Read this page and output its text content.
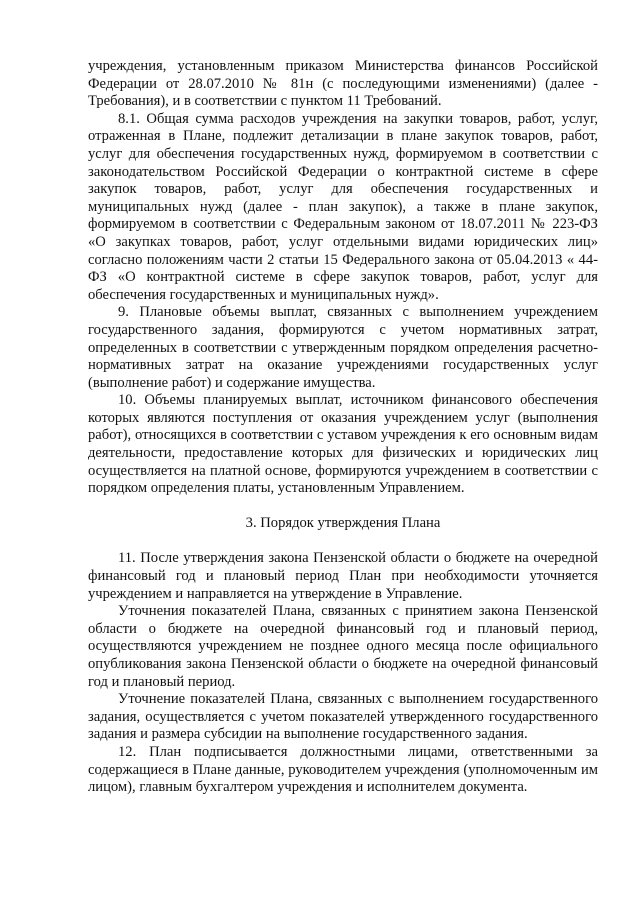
учреждения, установленным приказом Министерства финансов Российской Федерации от 28.07.2010 № 81н (с последующими изменениями) (далее - Требования), и в соответствии с пунктом 11 Требований.

8.1. Общая сумма расходов учреждения на закупки товаров, работ, услуг, отраженная в Плане, подлежит детализации в плане закупок товаров, работ, услуг для обеспечения государственных нужд, формируемом в соответствии с законодательством Российской Федерации о контрактной системе в сфере закупок товаров, работ, услуг для обеспечения государственных и муниципальных нужд (далее - план закупок), а также в плане закупок, формируемом в соответствии с Федеральным законом от 18.07.2011 № 223-ФЗ «О закупках товаров, работ, услуг отдельными видами юридических лиц» согласно положениям части 2 статьи 15 Федерального закона от 05.04.2013 « 44-ФЗ «О контрактной системе в сфере закупок товаров, работ, услуг для обеспечения государственных и муниципальных нужд».

9. Плановые объемы выплат, связанных с выполнением учреждением государственного задания, формируются с учетом нормативных затрат, определенных в соответствии с утвержденным порядком определения расчетно-нормативных затрат на оказание учреждениями государственных услуг (выполнение работ) и содержание имущества.

10. Объемы планируемых выплат, источником финансового обеспечения которых являются поступления от оказания учреждением услуг (выполнения работ), относящихся в соответствии с уставом учреждения к его основным видам деятельности, предоставление которых для физических и юридических лиц осуществляется на платной основе, формируются учреждением в соответствии с порядком определения платы, установленным Управлением.

3. Порядок утверждения Плана

11. После утверждения закона Пензенской области о бюджете на очередной финансовый год и плановый период План при необходимости уточняется учреждением и направляется на утверждение в Управление.

Уточнения показателей Плана, связанных с принятием закона Пензенской области о бюджете на очередной финансовый год и плановый период, осуществляются учреждением не позднее одного месяца после официального опубликования закона Пензенской области о бюджете на очередной финансовый год и плановый период.

Уточнение показателей Плана, связанных с выполнением государственного задания, осуществляется с учетом показателей утвержденного государственного задания и размера субсидии на выполнение государственного задания.

12. План подписывается должностными лицами, ответственными за содержащиеся в Плане данные, руководителем учреждения (уполномоченным им лицом), главным бухгалтером учреждения и исполнителем документа.
